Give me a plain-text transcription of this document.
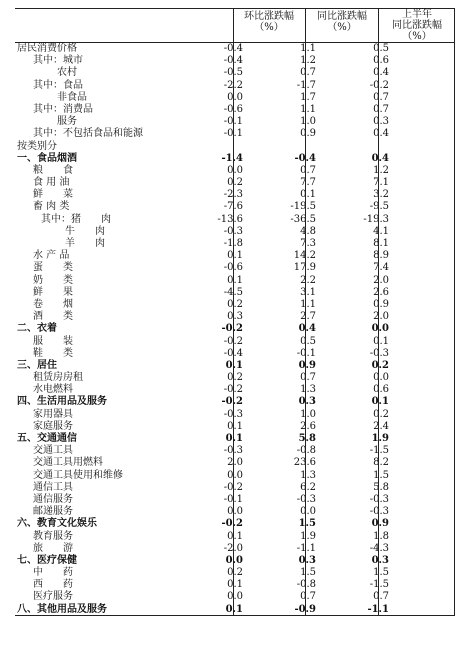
环比涨跌幅
（%）
同比涨跌幅
（%）
上半年
同比涨跌幅
（%）
居民消费价格	-0.4	1.1	0.5
其中：城市	-0.4	1.2	0.6
农村	-0.5	0.7	0.4
其中：食品	-2.2	-1.7	-0.2
非食品	0.0	1.7	0.7
其中：消费品	-0.6	1.1	0.7
服务	-0.1	1.0	0.3
其中：不包括食品和能源	-0.1	0.9	0.4
按类别分
一、食品烟酒	-1.4	-0.4	0.4
粮　　食	0.0	0.7	1.2
食 用 油	0.2	7.7	7.1
鲜　　菜	-2.3	0.1	3.2
畜 肉 类	-7.6	-19.5	-9.5
其中：猪　　肉	-13.6	-36.5	-19.3
牛　　肉	-0.3	4.8	4.1
羊　　肉	-1.8	7.3	8.1
水 产 品	0.1	14.2	8.9
蛋　　类	-0.6	17.9	7.4
奶　　类	0.1	2.2	2.0
鲜　　果	-4.5	3.1	2.6
卷　　烟	0.2	1.1	0.9
酒　　类	0.3	2.7	2.0
二、衣着	-0.2	0.4	0.0
服　　装	-0.2	0.5	0.1
鞋　　类	-0.4	-0.1	-0.3
三、居住	0.1	0.9	0.2
租赁房房租	0.2	0.7	0.0
水电燃料	-0.2	1.3	0.6
四、生活用品及服务	-0.2	0.3	0.1
家用器具	-0.3	1.0	0.2
家庭服务	0.1	2.6	2.4
五、交通通信	0.1	5.8	1.9
交通工具	-0.3	-0.8	-1.5
交通工具用燃料	2.0	23.6	8.2
交通工具使用和维修	0.0	1.3	1.5
通信工具	-0.2	6.2	5.8
通信服务	-0.1	-0.3	-0.3
邮递服务	0.0	0.0	-0.3
六、教育文化娱乐	-0.2	1.5	0.9
教育服务	0.1	1.9	1.8
旅　　游	-2.0	-1.1	-4.3
七、医疗保健	0.0	0.3	0.3
中　　药	0.2	1.5	1.5
西　　药	0.1	-0.8	-1.5
医疗服务	0.0	0.7	0.7
八、其他用品及服务	0.1	-0.9	-1.1
